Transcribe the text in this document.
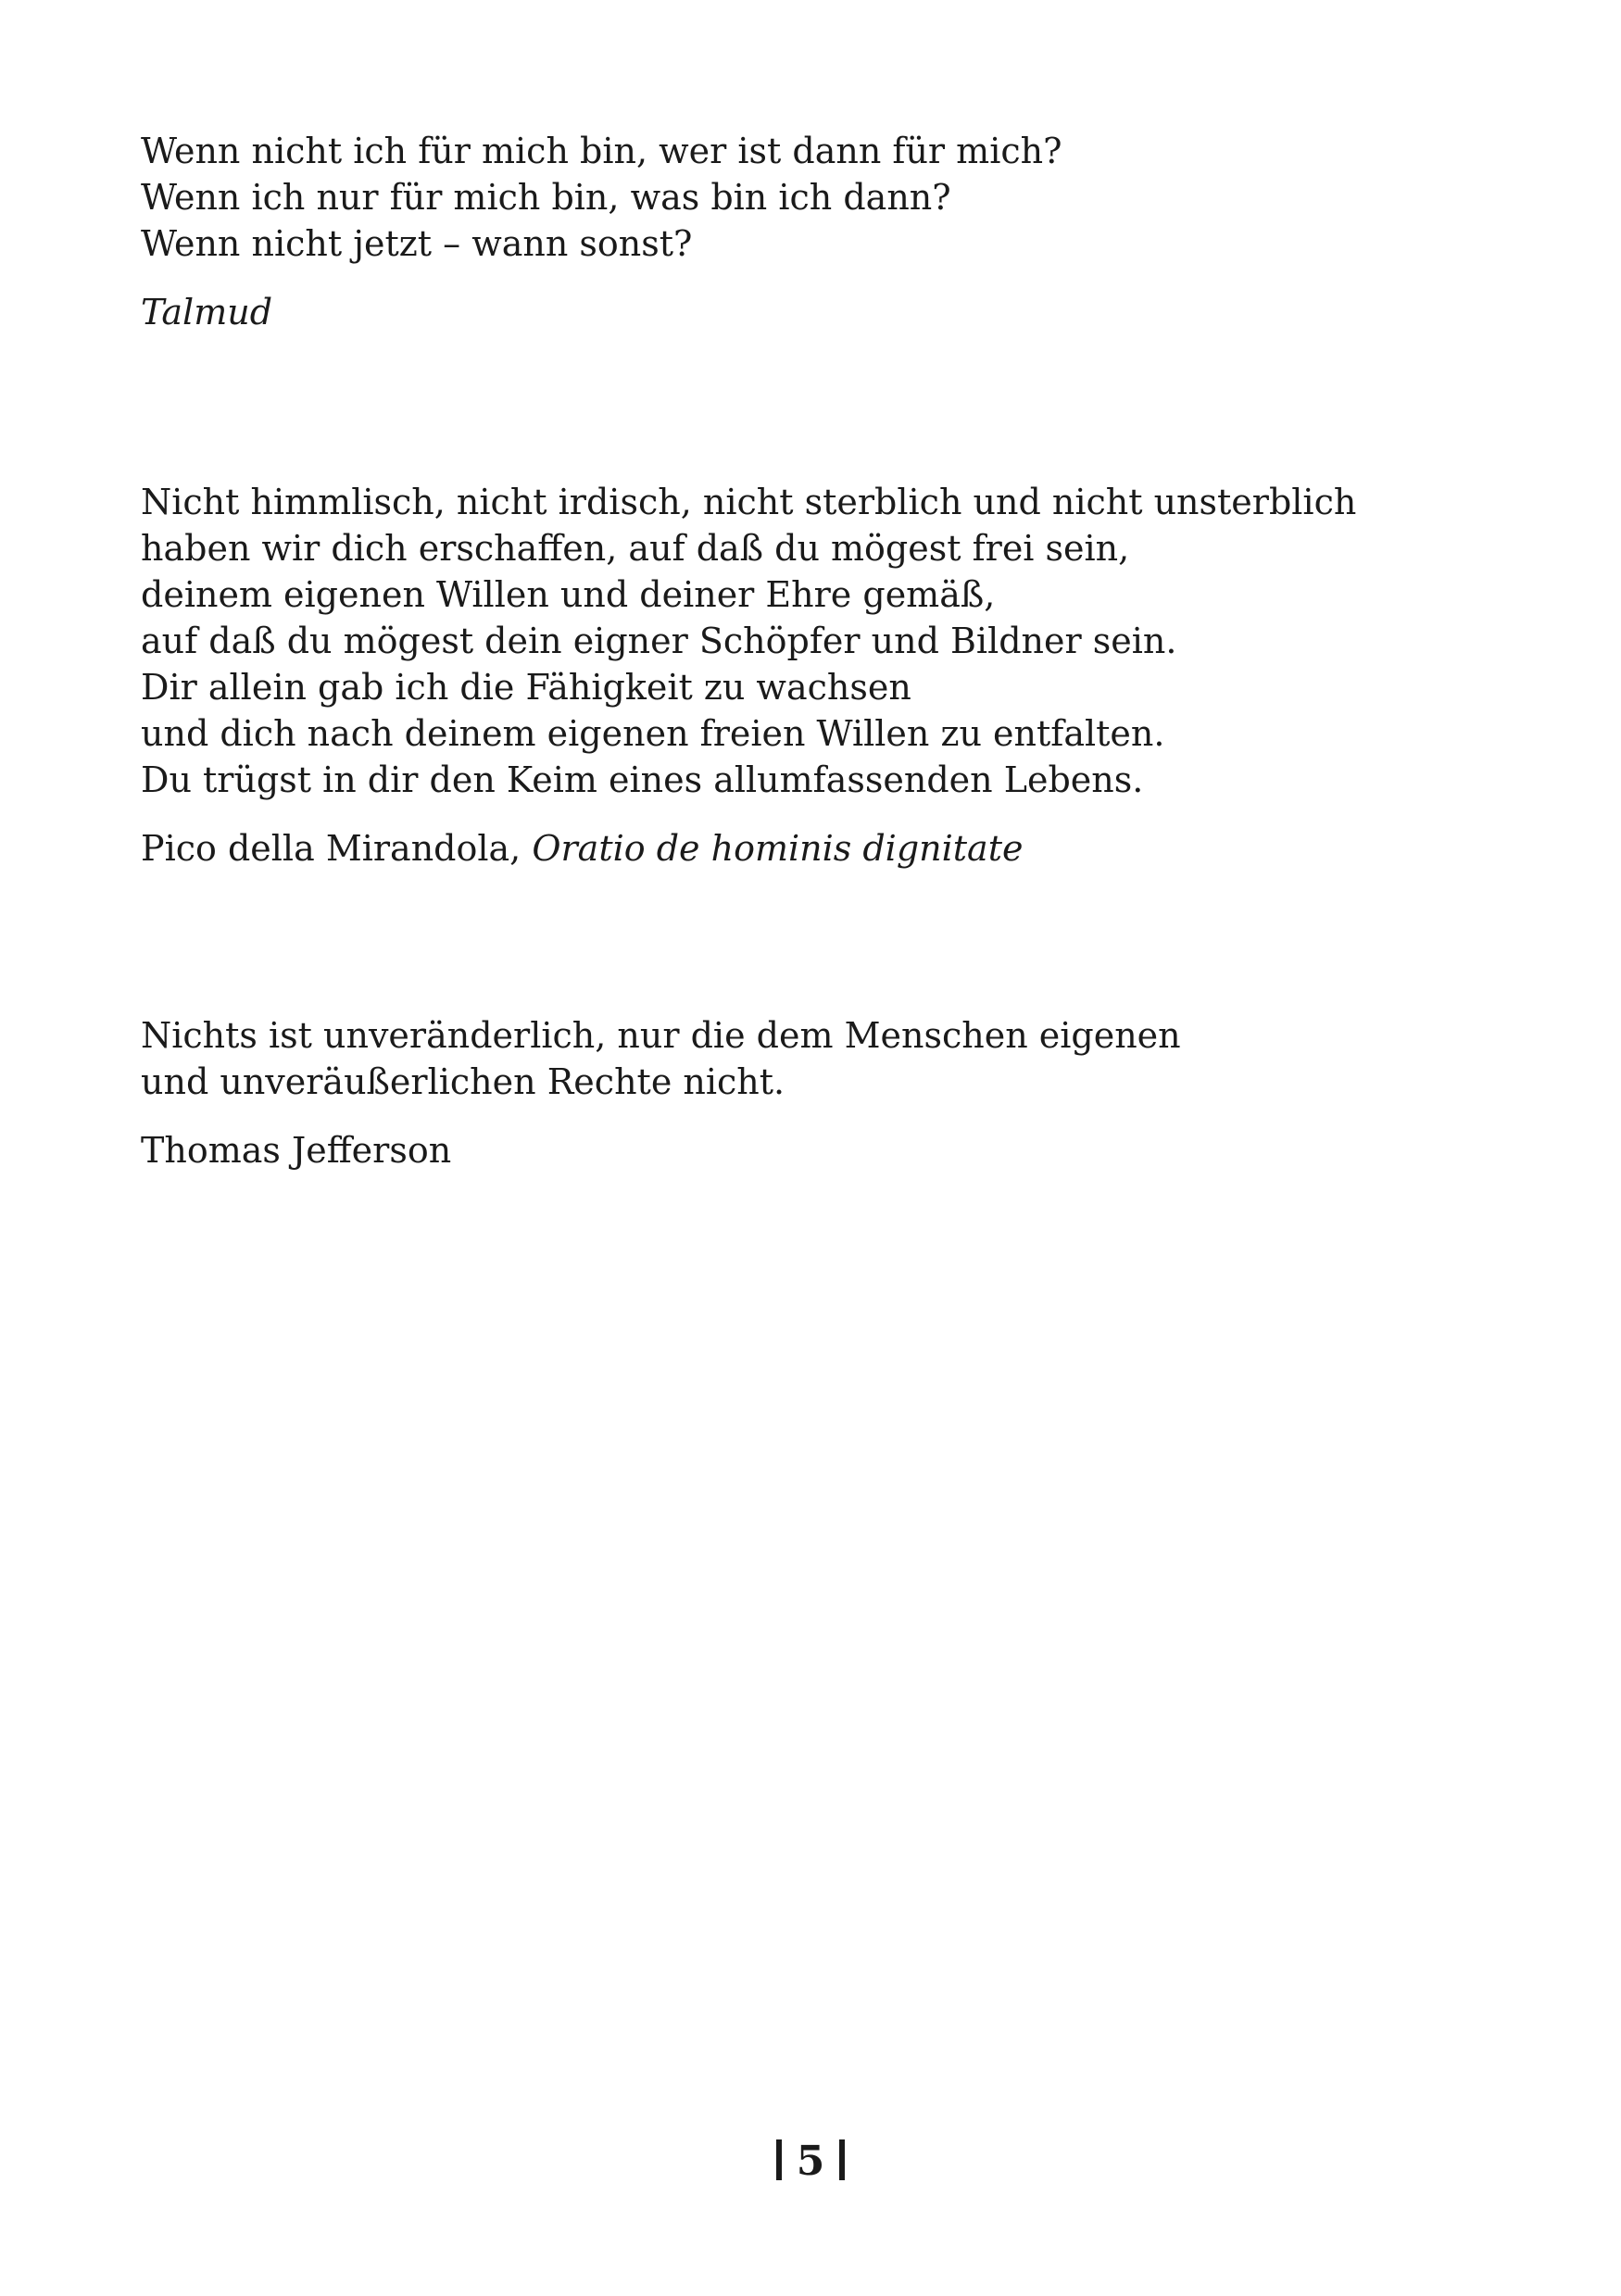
Wenn nicht ich für mich bin, wer ist dann für mich?
Wenn ich nur für mich bin, was bin ich dann?
Wenn nicht jetzt – wann sonst?
Talmud
Nicht himmlisch, nicht irdisch, nicht sterblich und nicht unsterblich
haben wir dich erschaffen, auf daß du mögest frei sein,
deinem eigenen Willen und deiner Ehre gemäß,
auf daß du mögest dein eigner Schöpfer und Bildner sein.
Dir allein gab ich die Fähigkeit zu wachsen
und dich nach deinem eigenen freien Willen zu entfalten.
Du trügst in dir den Keim eines allumfassenden Lebens.
Pico della Mirandola, Oratio de hominis dignitate
Nichts ist unveränderlich, nur die dem Menschen eigenen
und unveräußerlichen Rechte nicht.
Thomas Jefferson
5
